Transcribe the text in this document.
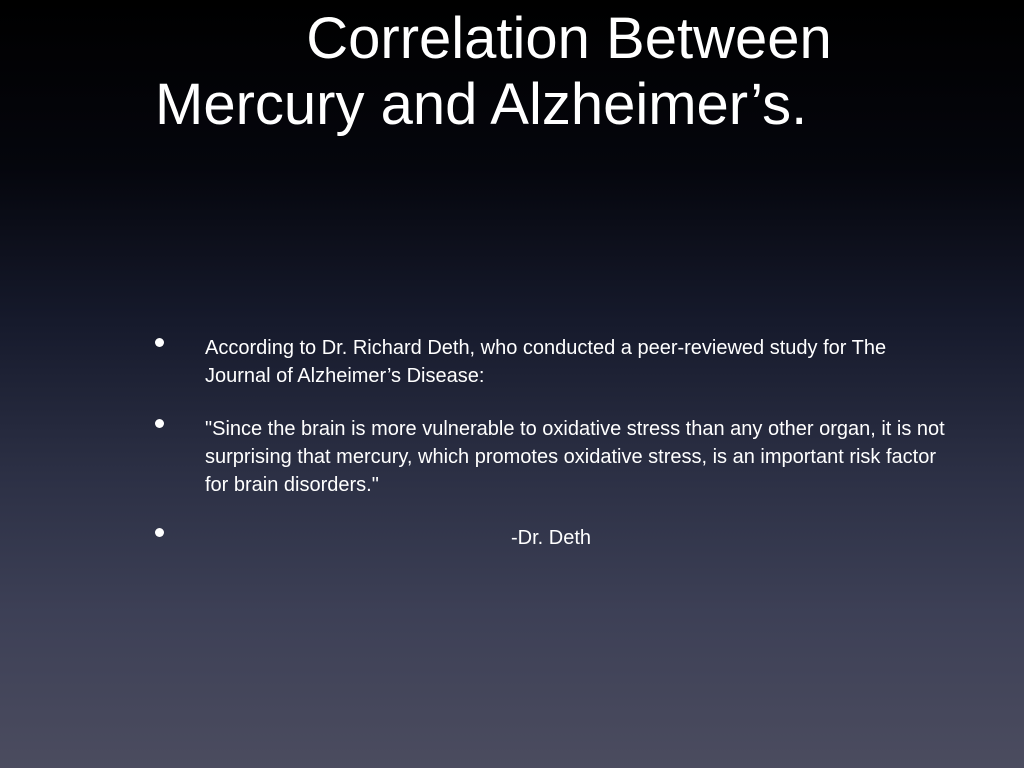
Correlation Between
Mercury and Alzheimer’s.
According to Dr. Richard Deth, who conducted a peer-reviewed study for The Journal of Alzheimer’s Disease:
"Since the brain is more vulnerable to oxidative stress than any other organ, it is not surprising that mercury, which promotes oxidative stress, is an important risk factor for brain disorders."
-Dr. Deth
